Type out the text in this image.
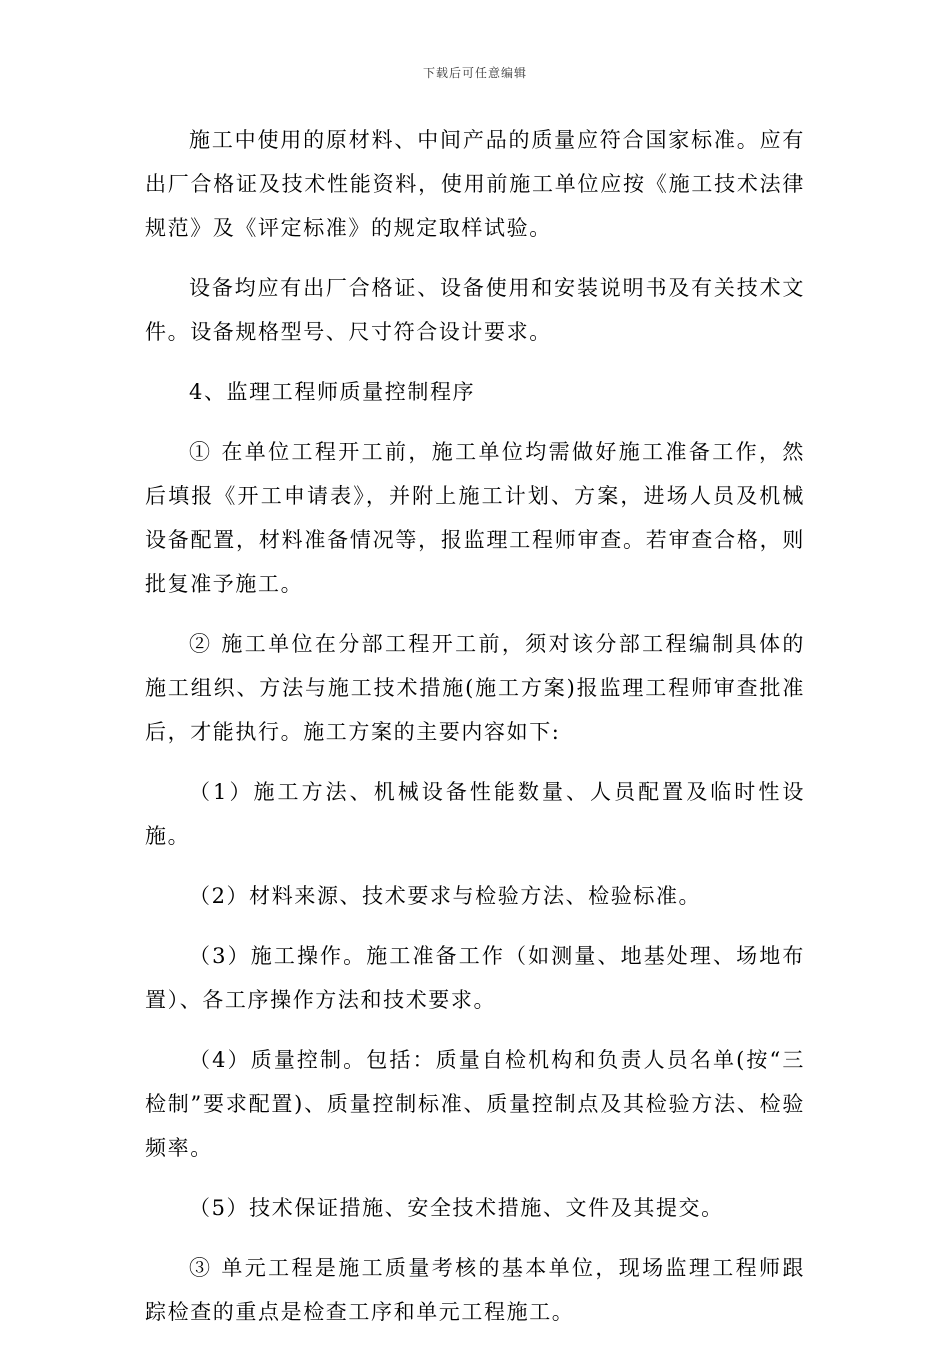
下载后可任意编辑

施工中使用的原材料、中间产品的质量应符合国家标准。应有出厂合格证及技术性能资料，使用前施工单位应按《施工技术法律规范》及《评定标准》的规定取样试验。

设备均应有出厂合格证、设备使用和安装说明书及有关技术文件。设备规格型号、尺寸符合设计要求。

4、监理工程师质量控制程序

① 在单位工程开工前，施工单位均需做好施工准备工作，然后填报《开工申请表》，并附上施工计划、方案，进场人员及机械设备配置，材料准备情况等，报监理工程师审查。若审查合格，则批复准予施工。

② 施工单位在分部工程开工前，须对该分部工程编制具体的施工组织、方法与施工技术措施(施工方案)报监理工程师审查批准后，才能执行。施工方案的主要内容如下:

（1）施工方法、机械设备性能数量、人员配置及临时性设施。

（2）材料来源、技术要求与检验方法、检验标准。

（3）施工操作。施工准备工作（如测量、地基处理、场地布置）、各工序操作方法和技术要求。

（4）质量控制。包括：质量自检机构和负责人员名单(按“三检制”要求配置)、质量控制标准、质量控制点及其检验方法、检验频率。

（5）技术保证措施、安全技术措施、文件及其提交。

③ 单元工程是施工质量考核的基本单位，现场监理工程师跟踪检查的重点是检查工序和单元工程施工。
